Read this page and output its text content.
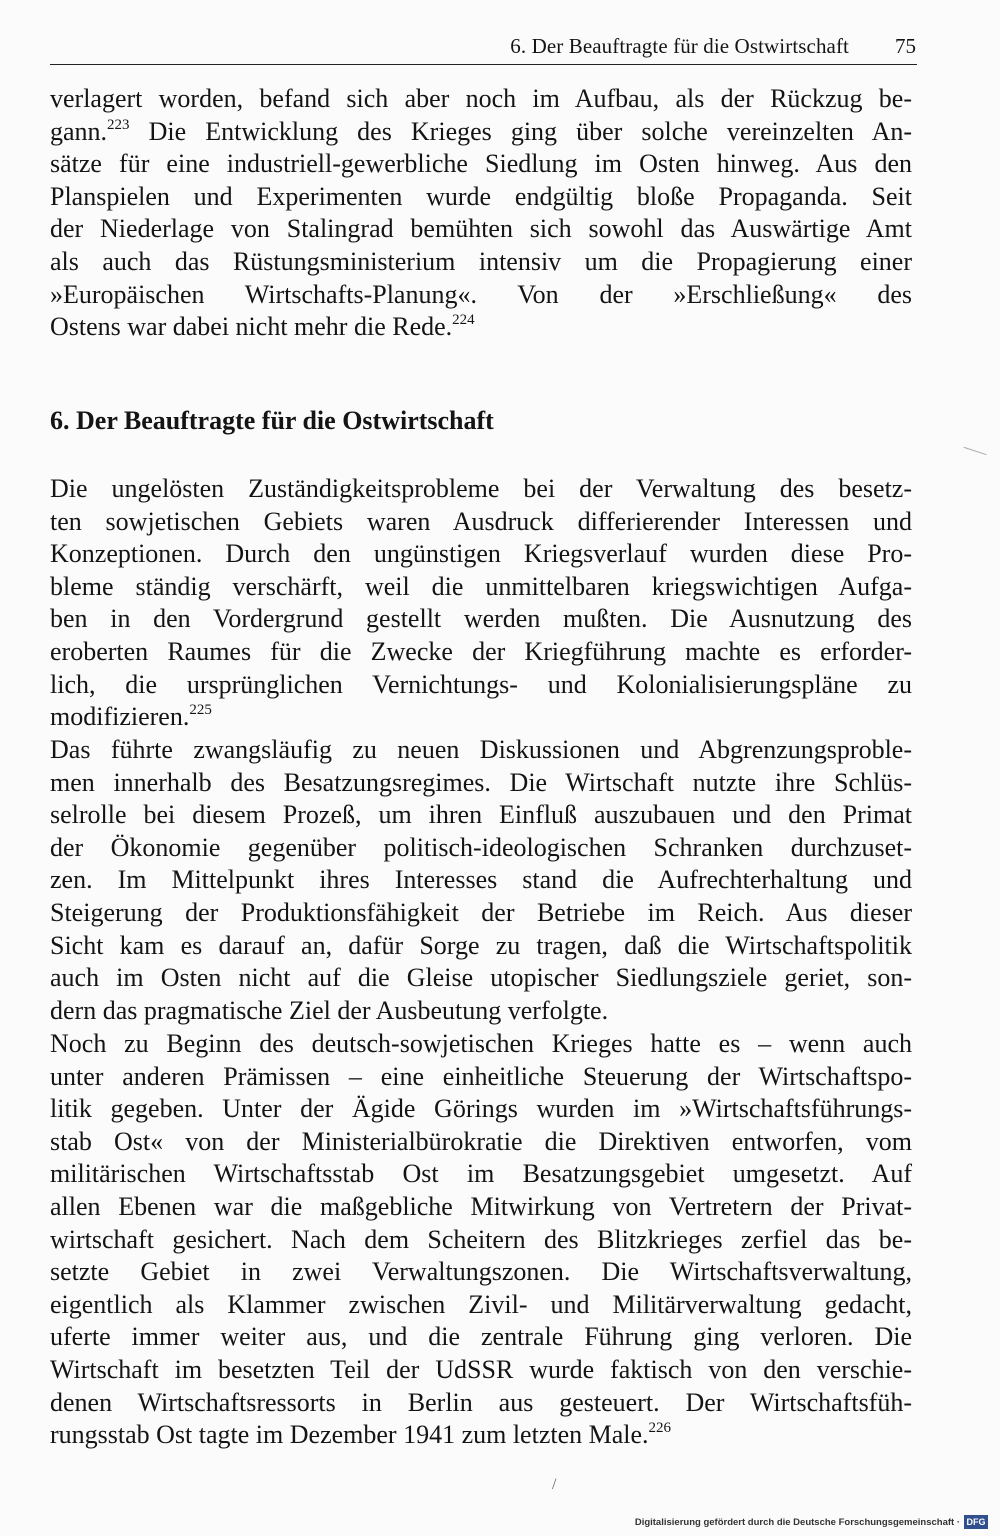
6. Der Beauftragte für die Ostwirtschaft 75
verlagert worden, befand sich aber noch im Aufbau, als der Rückzug be-
gann.$^{223}$ Die Entwicklung des Krieges ging über solche vereinzelten An-
sätze für eine industriell-gewerbliche Siedlung im Osten hinweg. Aus den
Planspielen und Experimenten wurde endgültig bloße Propaganda. Seit
der Niederlage von Stalingrad bemühten sich sowohl das Auswärtige Amt
als auch das Rüstungsministerium intensiv um die Propagierung einer
»Europäischen Wirtschafts-Planung«. Von der »Erschließung« des
Ostens war dabei nicht mehr die Rede.$^{224}$
6. Der Beauftragte für die Ostwirtschaft
Die ungelösten Zuständigkeitsprobleme bei der Verwaltung des besetz-
ten sowjetischen Gebiets waren Ausdruck differierender Interessen und
Konzeptionen. Durch den ungünstigen Kriegsverlauf wurden diese Pro-
bleme ständig verschärft, weil die unmittelbaren kriegswichtigen Aufga-
ben in den Vordergrund gestellt werden mußten. Die Ausnutzung des
eroberten Raumes für die Zwecke der Kriegführung machte es erforder-
lich, die ursprünglichen Vernichtungs- und Kolonialisierungspläne zu
modifizieren.$^{225}$
Das führte zwangsläufig zu neuen Diskussionen und Abgrenzungsproble-
men innerhalb des Besatzungsregimes. Die Wirtschaft nutzte ihre Schlüs-
selrolle bei diesem Prozeß, um ihren Einfluß auszubauen und den Primat
der Ökonomie gegenüber politisch-ideologischen Schranken durchzuset-
zen. Im Mittelpunkt ihres Interesses stand die Aufrechterhaltung und
Steigerung der Produktionsfähigkeit der Betriebe im Reich. Aus dieser
Sicht kam es darauf an, dafür Sorge zu tragen, daß die Wirtschaftspolitik
auch im Osten nicht auf die Gleise utopischer Siedlungsziele geriet, son-
dern das pragmatische Ziel der Ausbeutung verfolgte.
Noch zu Beginn des deutsch-sowjetischen Krieges hatte es – wenn auch
unter anderen Prämissen – eine einheitliche Steuerung der Wirtschaftspo-
litik gegeben. Unter der Ägide Görings wurden im »Wirtschaftsführungs-
stab Ost« von der Ministerialbürokratie die Direktiven entworfen, vom
militärischen Wirtschaftsstab Ost im Besatzungsgebiet umgesetzt. Auf
allen Ebenen war die maßgebliche Mitwirkung von Vertretern der Privat-
wirtschaft gesichert. Nach dem Scheitern des Blitzkrieges zerfiel das be-
setzte Gebiet in zwei Verwaltungszonen. Die Wirtschaftsverwaltung,
eigentlich als Klammer zwischen Zivil- und Militärverwaltung gedacht,
uferte immer weiter aus, und die zentrale Führung ging verloren. Die
Wirtschaft im besetzten Teil der UdSSR wurde faktisch von den verschie-
denen Wirtschaftsressorts in Berlin aus gesteuert. Der Wirtschaftsfüh-
rungsstab Ost tagte im Dezember 1941 zum letzten Male.$^{226}$
/
Digitalisierung gefördert durch die Deutsche Forschungsgemeinschaft · DFG
